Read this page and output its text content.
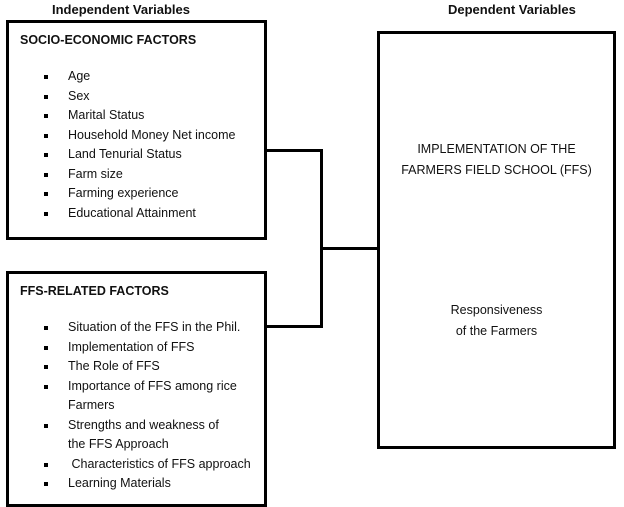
Independent Variables	Dependent Variables
SOCIO-ECONOMIC FACTORS
Age
Sex
Marital Status
Household Money Net income
Land Tenurial Status
Farm size
Farming experience
Educational Attainment
FFS-RELATED FACTORS
Situation of the FFS in the Phil.
Implementation of FFS
The Role of FFS
Importance of FFS among rice Farmers
Strengths and weakness of the FFS Approach
Characteristics of FFS approach
Learning Materials
IMPLEMENTATION OF THE
FARMERS FIELD SCHOOL (FFS)
Responsiveness
of the Farmers
